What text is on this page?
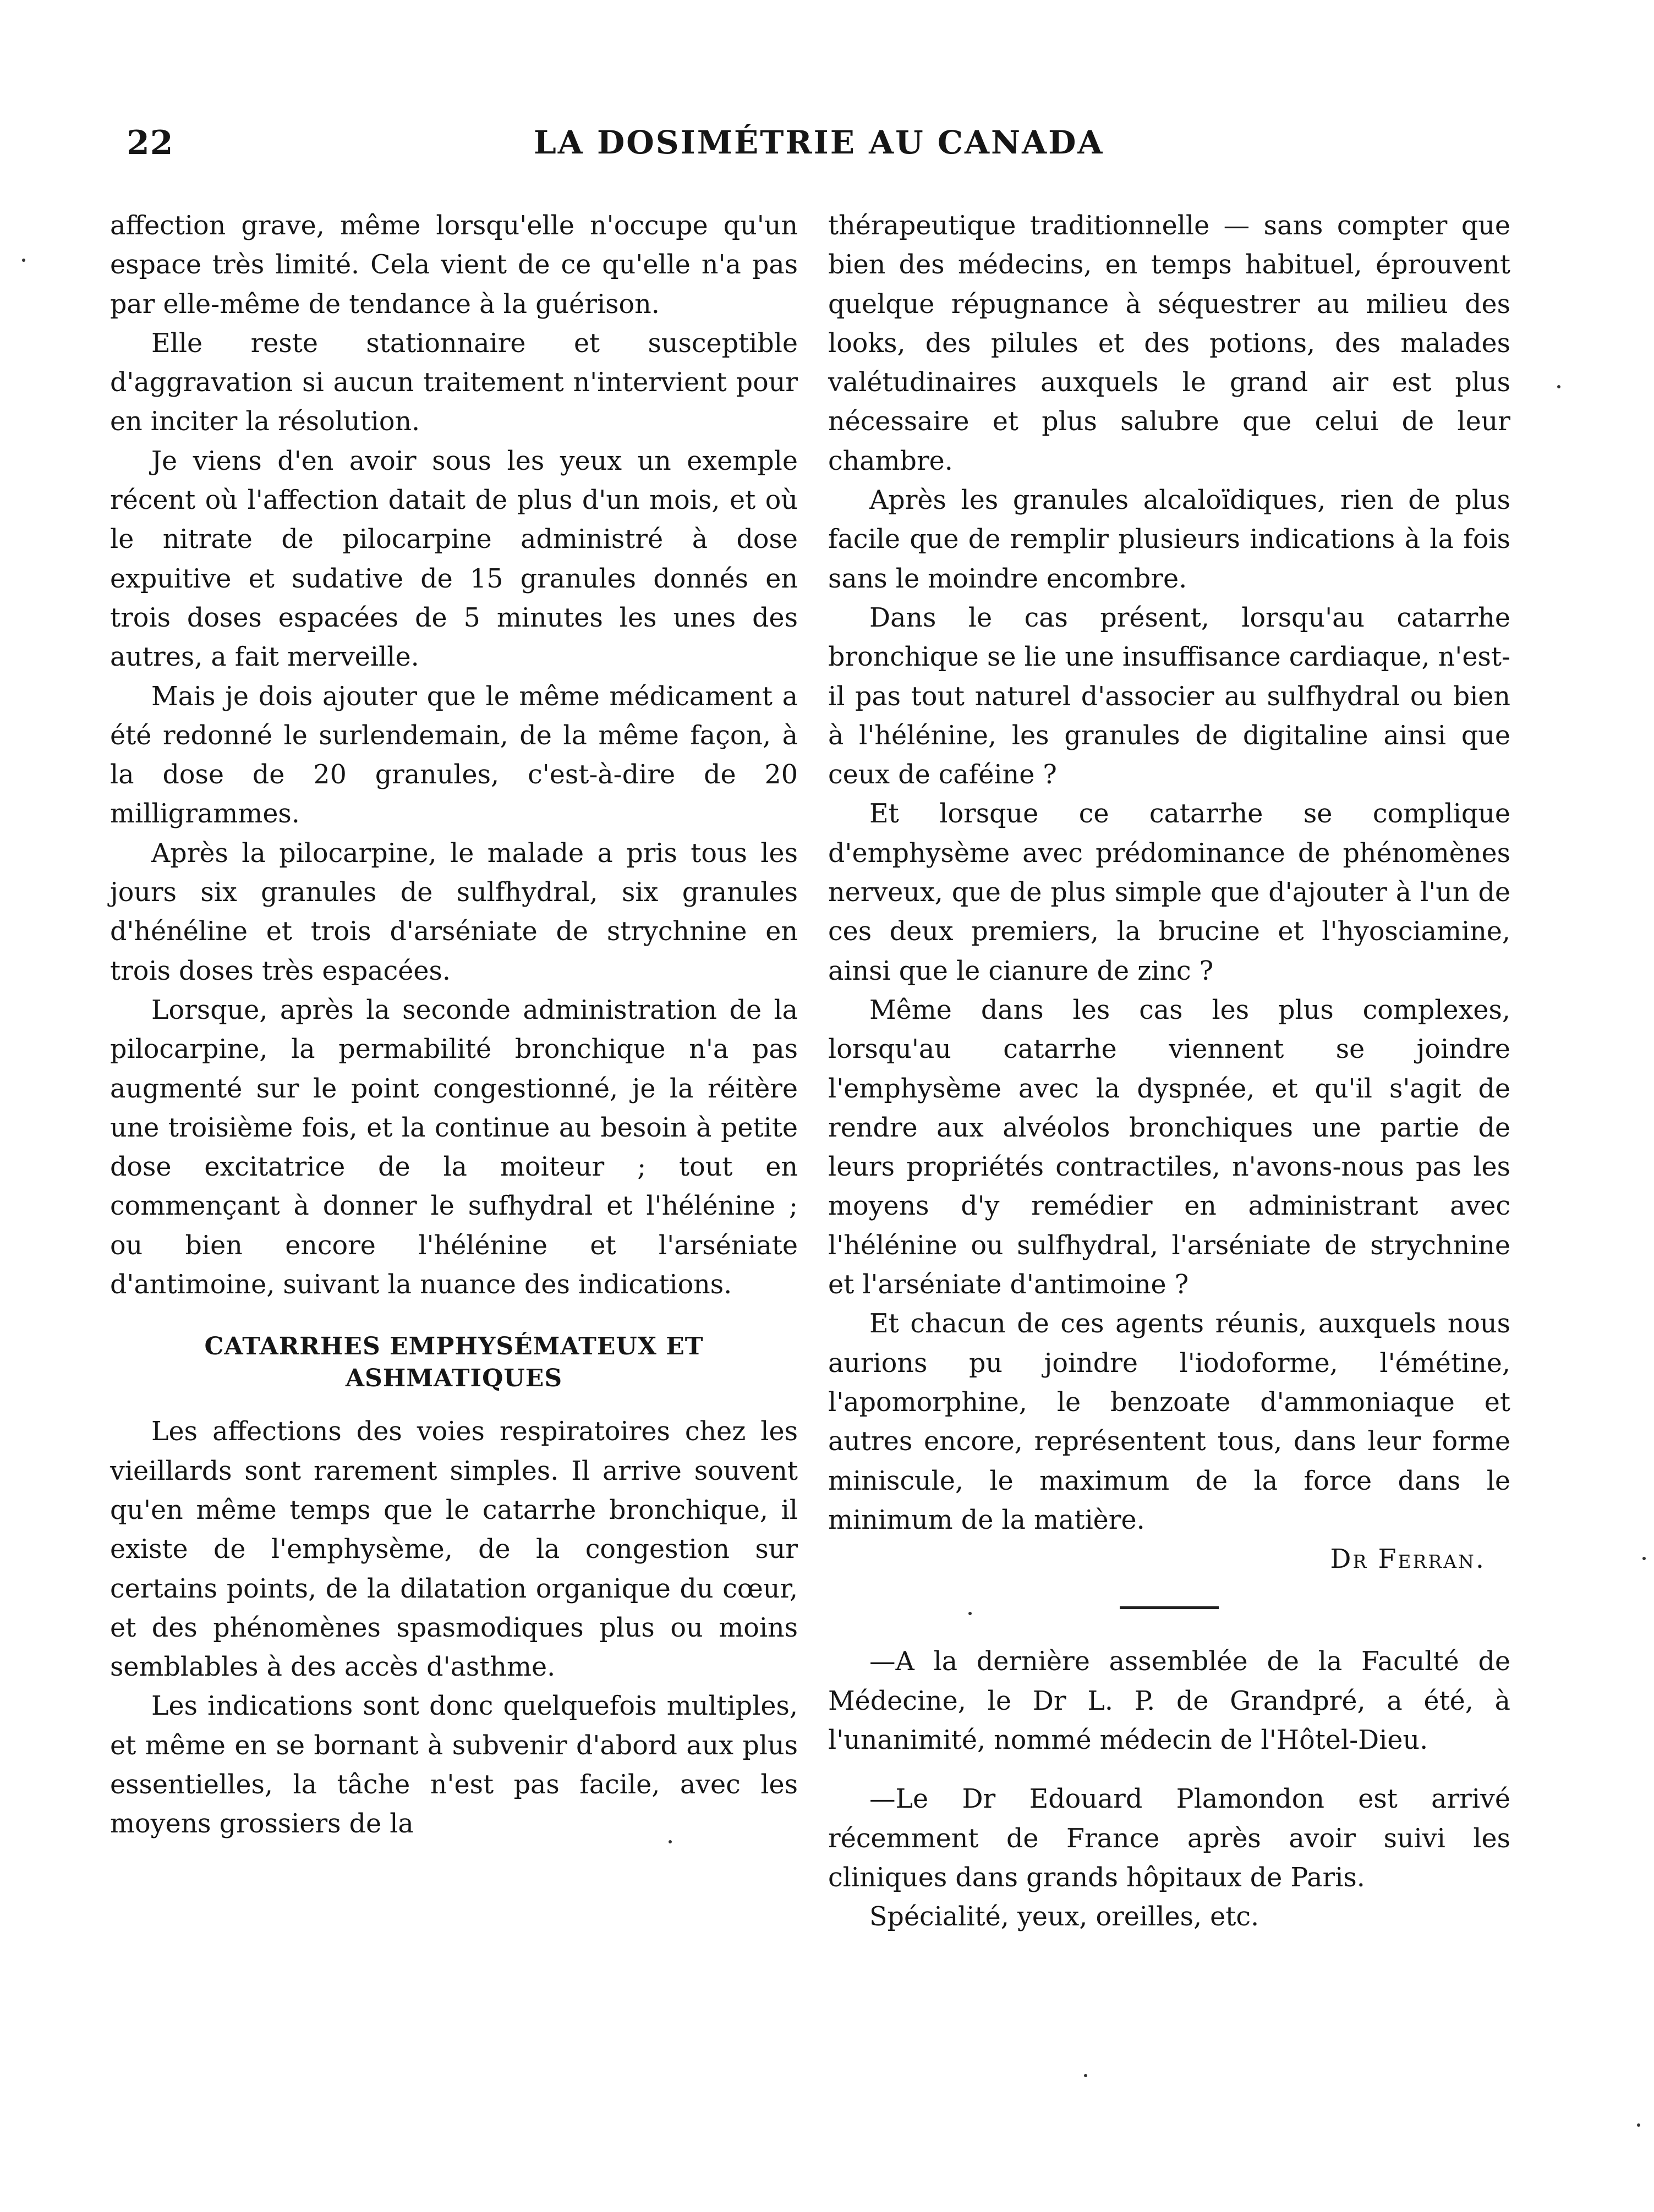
22	LA DOSIMÉTRIE AU CANADA

affection grave, même lorsqu'elle n'occupe qu'un espace très limité. Cela vient de ce qu'elle n'a pas par elle-même de tendance à la guérison.

Elle reste stationnaire et susceptible d'aggravation si aucun traitement n'intervient pour en inciter la résolution.

Je viens d'en avoir sous les yeux un exemple récent où l'affection datait de plus d'un mois, et où le nitrate de pilocarpine administré à dose expuitive et sudative de 15 granules donnés en trois doses espacées de 5 minutes les unes des autres, a fait merveille.

Mais je dois ajouter que le même médicament a été redonné le surlendemain, de la même façon, à la dose de 20 granules, c'est-à-dire de 20 milligrammes.

Après la pilocarpine, le malade a pris tous les jours six granules de sulfhydral, six granules d'hénéline et trois d'arséniate de strychnine en trois doses très espacées.

Lorsque, après la seconde administration de la pilocarpine, la permabilité bronchique n'a pas augmenté sur le point congestionné, je la réitère une troisième fois, et la continue au besoin à petite dose excitatrice de la moiteur ; tout en commençant à donner le sufhydral et l'hélénine ; ou bien encore l'hélénine et l'arséniate d'antimoine, suivant la nuance des indications.

CATARRHES EMPHYSÉMATEUX ET ASHMATIQUES

Les affections des voies respiratoires chez les vieillards sont rarement simples. Il arrive souvent qu'en même temps que le catarrhe bronchique, il existe de l'emphysème, de la congestion sur certains points, de la dilatation organique du cœur, et des phénomènes spasmodiques plus ou moins semblables à des accès d'asthme.

Les indications sont donc quelquefois multiples, et même en se bornant à subvenir d'abord aux plus essentielles, la tâche n'est pas facile, avec les moyens grossiers de la

thérapeutique traditionnelle — sans compter que bien des médecins, en temps habituel, éprouvent quelque répugnance à séquestrer au milieu des looks, des pilules et des potions, des malades valétudinaires auxquels le grand air est plus nécessaire et plus salubre que celui de leur chambre.

Après les granules alcaloïdiques, rien de plus facile que de remplir plusieurs indications à la fois sans le moindre encombre.

Dans le cas présent, lorsqu'au catarrhe bronchique se lie une insuffisance cardiaque, n'est-il pas tout naturel d'associer au sulfhydral ou bien à l'hélénine, les granules de digitaline ainsi que ceux de caféine ?

Et lorsque ce catarrhe se complique d'emphysème avec prédominance de phénomènes nerveux, que de plus simple que d'ajouter à l'un de ces deux premiers, la brucine et l'hyosciamine, ainsi que le cianure de zinc ?

Même dans les cas les plus complexes, lorsqu'au catarrhe viennent se joindre l'emphysème avec la dyspnée, et qu'il s'agit de rendre aux alvéolos bronchiques une partie de leurs propriétés contractiles, n'avons-nous pas les moyens d'y remédier en administrant avec l'hélénine ou sulfhydral, l'arséniate de strychnine et l'arséniate d'antimoine ?

Et chacun de ces agents réunis, auxquels nous aurions pu joindre l'iodoforme, l'émétine, l'apomorphine, le benzoate d'ammoniaque et autres encore, représentent tous, dans leur forme miniscule, le maximum de la force dans le minimum de la matière.

Dr Ferran.

—A la dernière assemblée de la Faculté de Médecine, le Dr L. P. de Grandpré, a été, à l'unanimité, nommé médecin de l'Hôtel-Dieu.

—Le Dr Edouard Plamondon est arrivé récemment de France après avoir suivi les cliniques dans grands hôpitaux de Paris.

Spécialité, yeux, oreilles, etc.
